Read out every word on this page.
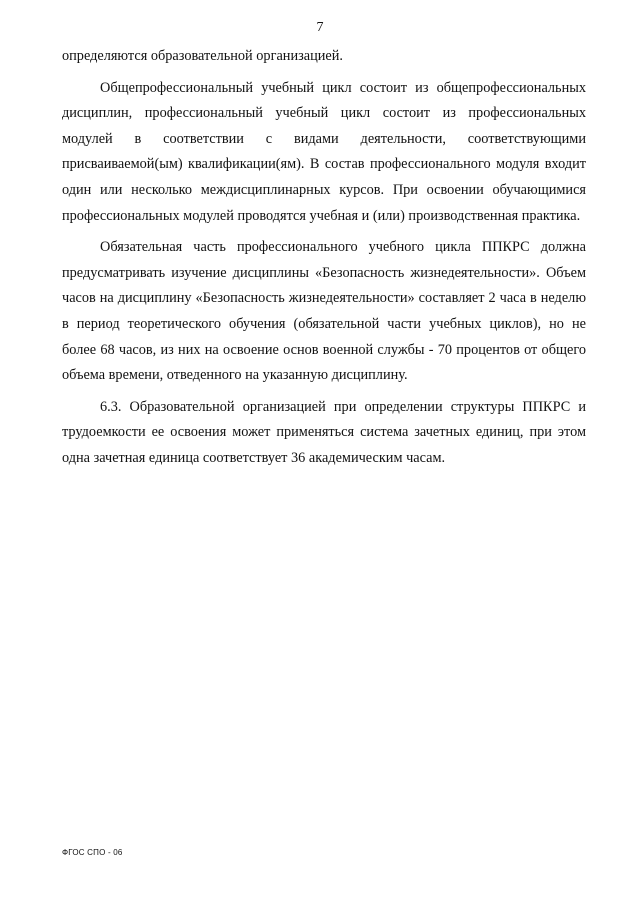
7
определяются образовательной организацией.
Общепрофессиональный учебный цикл состоит из общепрофессиональных
дисциплин, профессиональный учебный цикл состоит из профессиональных
модулей в соответствии с видами деятельности, соответствующими
присваиваемой(ым) квалификации(ям). В состав профессионального модуля входит
один или несколько междисциплинарных курсов. При освоении обучающимися
профессиональных модулей проводятся учебная и (или) производственная практика.
Обязательная часть профессионального учебного цикла ППКРС должна
предусматривать изучение дисциплины «Безопасность жизнедеятельности». Объем
часов на дисциплину «Безопасность жизнедеятельности» составляет 2 часа в неделю
в период теоретического обучения (обязательной части учебных циклов), но не
более 68 часов, из них на освоение основ военной службы - 70 процентов от общего
объема времени, отведенного на указанную дисциплину.
6.3. Образовательной организацией при определении структуры ППКРС и
трудоемкости ее освоения может применяться система зачетных единиц, при этом
одна зачетная единица соответствует 36 академическим часам.
ФГОС СПО - 06
